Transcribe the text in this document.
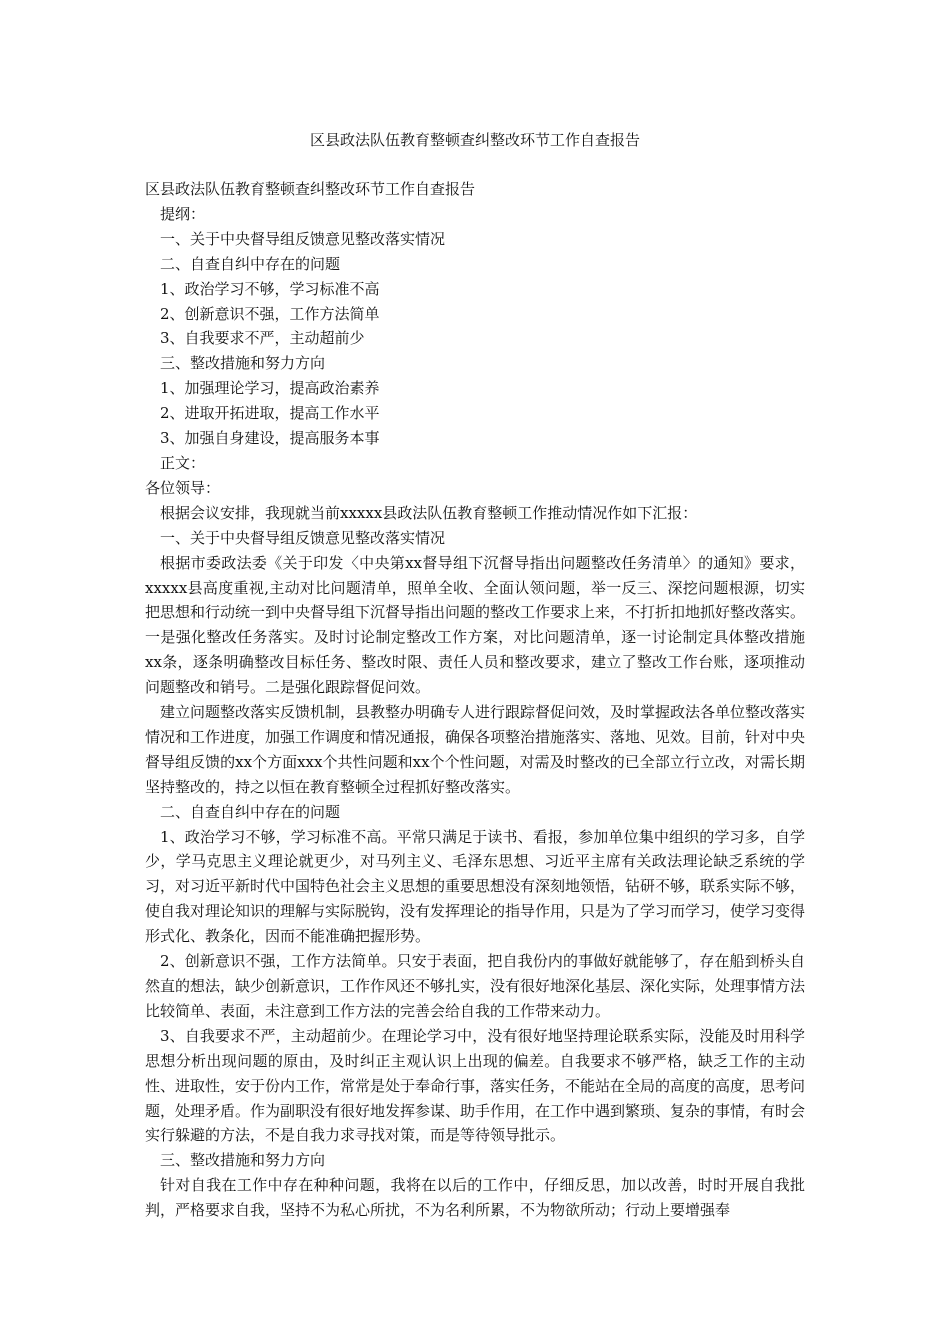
区县政法队伍教育整顿查纠整改环节工作自查报告

区县政法队伍教育整顿查纠整改环节工作自查报告

提纲：

一、关于中央督导组反馈意见整改落实情况

二、自查自纠中存在的问题

1、政治学习不够，学习标准不高

2、创新意识不强，工作方法简单

3、自我要求不严，主动超前少

三、整改措施和努力方向

1、加强理论学习，提高政治素养

2、进取开拓进取，提高工作水平

3、加强自身建设，提高服务本事

正文：

各位领导：

根据会议安排，我现就当前xxxxx县政法队伍教育整顿工作推动情况作如下汇报：

一、关于中央督导组反馈意见整改落实情况

根据市委政法委《关于印发〈中央第xx督导组下沉督导指出问题整改任务清单〉的通知》要求，xxxxx县高度重视,主动对比问题清单，照单全收、全面认领问题，举一反三、深挖问题根源，切实把思想和行动统一到中央督导组下沉督导指出问题的整改工作要求上来，不打折扣地抓好整改落实。一是强化整改任务落实。及时讨论制定整改工作方案，对比问题清单，逐一讨论制定具体整改措施xx条，逐条明确整改目标任务、整改时限、责任人员和整改要求，建立了整改工作台账，逐项推动问题整改和销号。二是强化跟踪督促问效。

建立问题整改落实反馈机制，县教整办明确专人进行跟踪督促问效，及时掌握政法各单位整改落实情况和工作进度，加强工作调度和情况通报，确保各项整治措施落实、落地、见效。目前，针对中央督导组反馈的xx个方面xxx个共性问题和xx个个性问题，对需及时整改的已全部立行立改，对需长期坚持整改的，持之以恒在教育整顿全过程抓好整改落实。

二、自查自纠中存在的问题

1、政治学习不够，学习标准不高。平常只满足于读书、看报，参加单位集中组织的学习多，自学少，学马克思主义理论就更少，对马列主义、毛泽东思想、习近平主席有关政法理论缺乏系统的学习，对习近平新时代中国特色社会主义思想的重要思想没有深刻地领悟，钻研不够，联系实际不够，使自我对理论知识的理解与实际脱钩，没有发挥理论的指导作用，只是为了学习而学习，使学习变得形式化、教条化，因而不能准确把握形势。

2、创新意识不强，工作方法简单。只安于表面，把自我份内的事做好就能够了，存在船到桥头自然直的想法，缺少创新意识，工作作风还不够扎实，没有很好地深化基层、深化实际，处理事情方法比较简单、表面，未注意到工作方法的完善会给自我的工作带来动力。

3、自我要求不严，主动超前少。在理论学习中，没有很好地坚持理论联系实际，没能及时用科学思想分析出现问题的原由，及时纠正主观认识上出现的偏差。自我要求不够严格，缺乏工作的主动性、进取性，安于份内工作，常常是处于奉命行事，落实任务，不能站在全局的高度的高度，思考问题，处理矛盾。作为副职没有很好地发挥参谋、助手作用，在工作中遇到繁琐、复杂的事情，有时会实行躲避的方法，不是自我力求寻找对策，而是等待领导批示。

三、整改措施和努力方向

针对自我在工作中存在种种问题，我将在以后的工作中，仔细反思，加以改善，时时开展自我批判，严格要求自我，坚持不为私心所扰，不为名利所累，不为物欲所动；行动上要增强奉
